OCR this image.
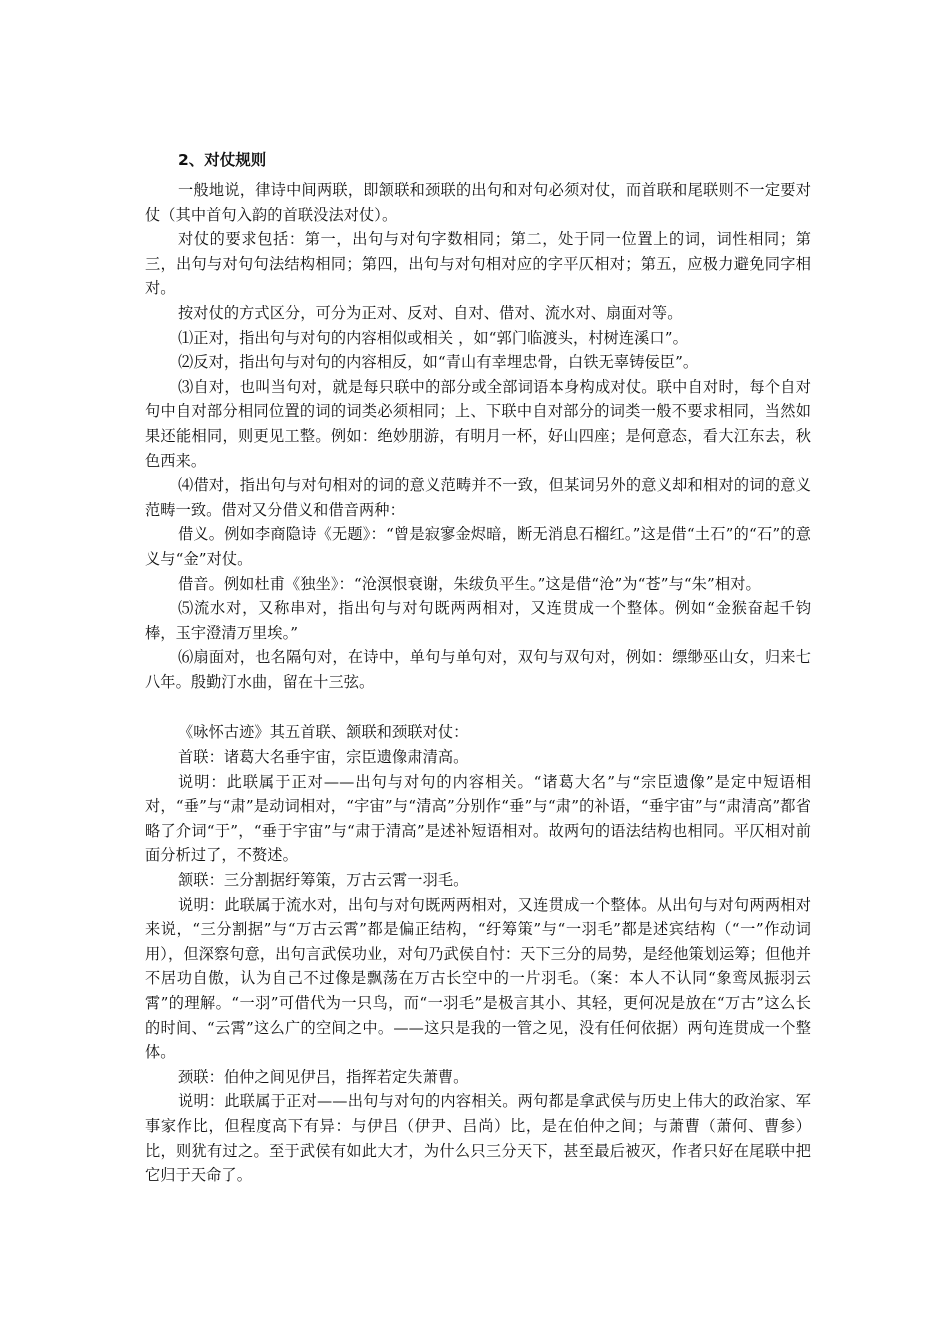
2、对仗规则

一般地说，律诗中间两联，即颔联和颈联的出句和对句必须对仗，而首联和尾联则不一定要对仗（其中首句入韵的首联没法对仗）。

对仗的要求包括：第一，出句与对句字数相同；第二，处于同一位置上的词，词性相同；第三，出句与对句句法结构相同；第四，出句与对句相对应的字平仄相对；第五，应极力避免同字相对。

按对仗的方式区分，可分为正对、反对、自对、借对、流水对、扇面对等。

⑴正对，指出句与对句的内容相似或相关 ，如“郭门临渡头，村树连溪口”。

⑵反对，指出句与对句的内容相反，如“青山有幸埋忠骨，白铁无辜铸佞臣”。

⑶自对，也叫当句对，就是每只联中的部分或全部词语本身构成对仗。联中自对时，每个自对句中自对部分相同位置的词的词类必须相同；上、下联中自对部分的词类一般不要求相同，当然如果还能相同，则更见工整。例如：绝妙朋游，有明月一杯，好山四座；是何意态，看大江东去，秋色西来。

⑷借对，指出句与对句相对的词的意义范畴并不一致，但某词另外的意义却和相对的词的意义范畴一致。借对又分借义和借音两种：

借义。例如李商隐诗《无题》：“曾是寂寥金烬暗，断无消息石榴红。”这是借“土石”的“石”的意义与“金”对仗。

借音。例如杜甫《独坐》：“沧溟恨衰谢，朱绂负平生。”这是借“沧”为“苍”与“朱”相对。

⑸流水对，又称串对，指出句与对句既两两相对，又连贯成一个整体。例如“金猴奋起千钧棒，玉宇澄清万里埃。”

⑹扇面对，也名隔句对，在诗中，单句与单句对，双句与双句对，例如：缥缈巫山女，归来七八年。殷勤汀水曲，留在十三弦。

《咏怀古迹》其五首联、颔联和颈联对仗：

首联：诸葛大名垂宇宙，宗臣遗像肃清高。

说明：此联属于正对——出句与对句的内容相关。“诸葛大名”与“宗臣遗像”是定中短语相对，“垂”与“肃”是动词相对，“宇宙”与“清高”分别作“垂”与“肃”的补语，“垂宇宙”与“肃清高”都省略了介词“于”，“垂于宇宙”与“肃于清高”是述补短语相对。故两句的语法结构也相同。平仄相对前面分析过了，不赘述。

颔联：三分割据纡筹策，万古云霄一羽毛。

说明：此联属于流水对，出句与对句既两两相对，又连贯成一个整体。从出句与对句两两相对来说，“三分割据”与“万古云霄”都是偏正结构，“纡筹策”与“一羽毛”都是述宾结构（“一”作动词用），但深察句意，出句言武侯功业，对句乃武侯自忖：天下三分的局势，是经他策划运筹；但他并不居功自傲，认为自己不过像是飘荡在万古长空中的一片羽毛。（案：本人不认同“象鸾凤振羽云霄”的理解。“一羽”可借代为一只鸟，而“一羽毛”是极言其小、其轻，更何况是放在“万古”这么长的时间、“云霄”这么广的空间之中。——这只是我的一管之见，没有任何依据）两句连贯成一个整体。

颈联：伯仲之间见伊吕，指挥若定失萧曹。

说明：此联属于正对——出句与对句的内容相关。两句都是拿武侯与历史上伟大的政治家、军事家作比，但程度高下有异：与伊吕（伊尹、吕尚）比，是在伯仲之间；与萧曹（萧何、曹参）比，则犹有过之。至于武侯有如此大才，为什么只三分天下，甚至最后被灭，作者只好在尾联中把它归于天命了。
